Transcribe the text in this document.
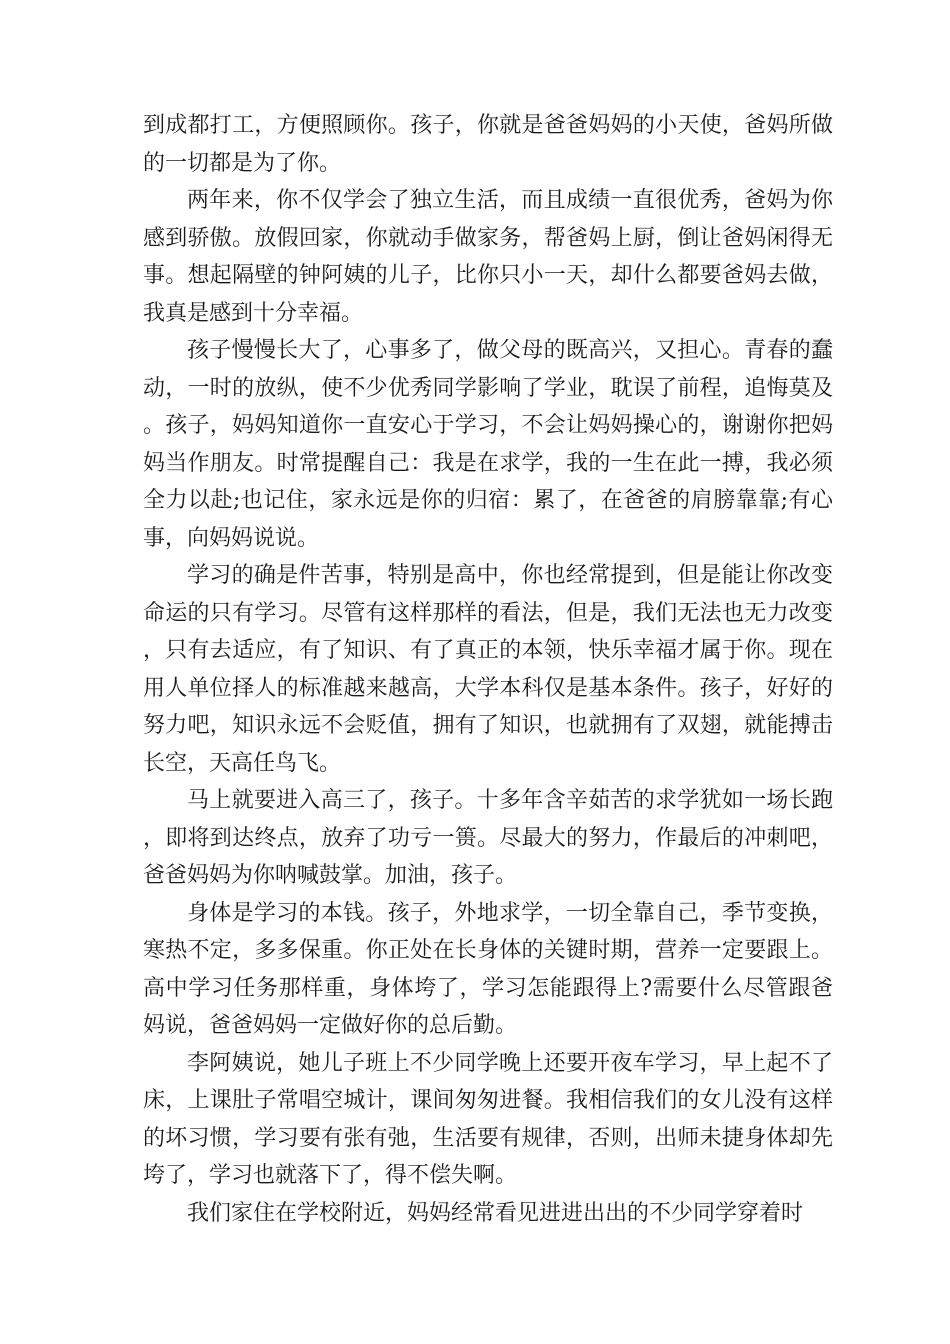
到成都打工，方便照顾你。孩子，你就是爸爸妈妈的小天使，爸妈所做的一切都是为了你。

两年来，你不仅学会了独立生活，而且成绩一直很优秀，爸妈为你感到骄傲。放假回家，你就动手做家务，帮爸妈上厨，倒让爸妈闲得无事。想起隔壁的钟阿姨的儿子，比你只小一天，却什么都要爸妈去做，我真是感到十分幸福。

孩子慢慢长大了，心事多了，做父母的既高兴，又担心。青春的蠢动，一时的放纵，使不少优秀同学影响了学业，耽误了前程，追悔莫及。孩子，妈妈知道你一直安心于学习，不会让妈妈操心的，谢谢你把妈妈当作朋友。时常提醒自己：我是在求学，我的一生在此一搏，我必须全力以赴;也记住，家永远是你的归宿：累了，在爸爸的肩膀靠靠;有心事，向妈妈说说。

学习的确是件苦事，特别是高中，你也经常提到，但是能让你改变命运的只有学习。尽管有这样那样的看法，但是，我们无法也无力改变，只有去适应，有了知识、有了真正的本领，快乐幸福才属于你。现在用人单位择人的标准越来越高，大学本科仅是基本条件。孩子，好好的努力吧，知识永远不会贬值，拥有了知识，也就拥有了双翅，就能搏击长空，天高任鸟飞。

马上就要进入高三了，孩子。十多年含辛茹苦的求学犹如一场长跑，即将到达终点，放弃了功亏一篑。尽最大的努力，作最后的冲刺吧，爸爸妈妈为你呐喊鼓掌。加油，孩子。

身体是学习的本钱。孩子，外地求学，一切全靠自己，季节变换，寒热不定，多多保重。你正处在长身体的关键时期，营养一定要跟上。高中学习任务那样重，身体垮了，学习怎能跟得上?需要什么尽管跟爸妈说，爸爸妈妈一定做好你的总后勤。

李阿姨说，她儿子班上不少同学晚上还要开夜车学习，早上起不了床，上课肚子常唱空城计，课间匆匆进餐。我相信我们的女儿没有这样的坏习惯，学习要有张有弛，生活要有规律，否则，出师未捷身体却先垮了，学习也就落下了，得不偿失啊。

我们家住在学校附近，妈妈经常看见进进出出的不少同学穿着时
